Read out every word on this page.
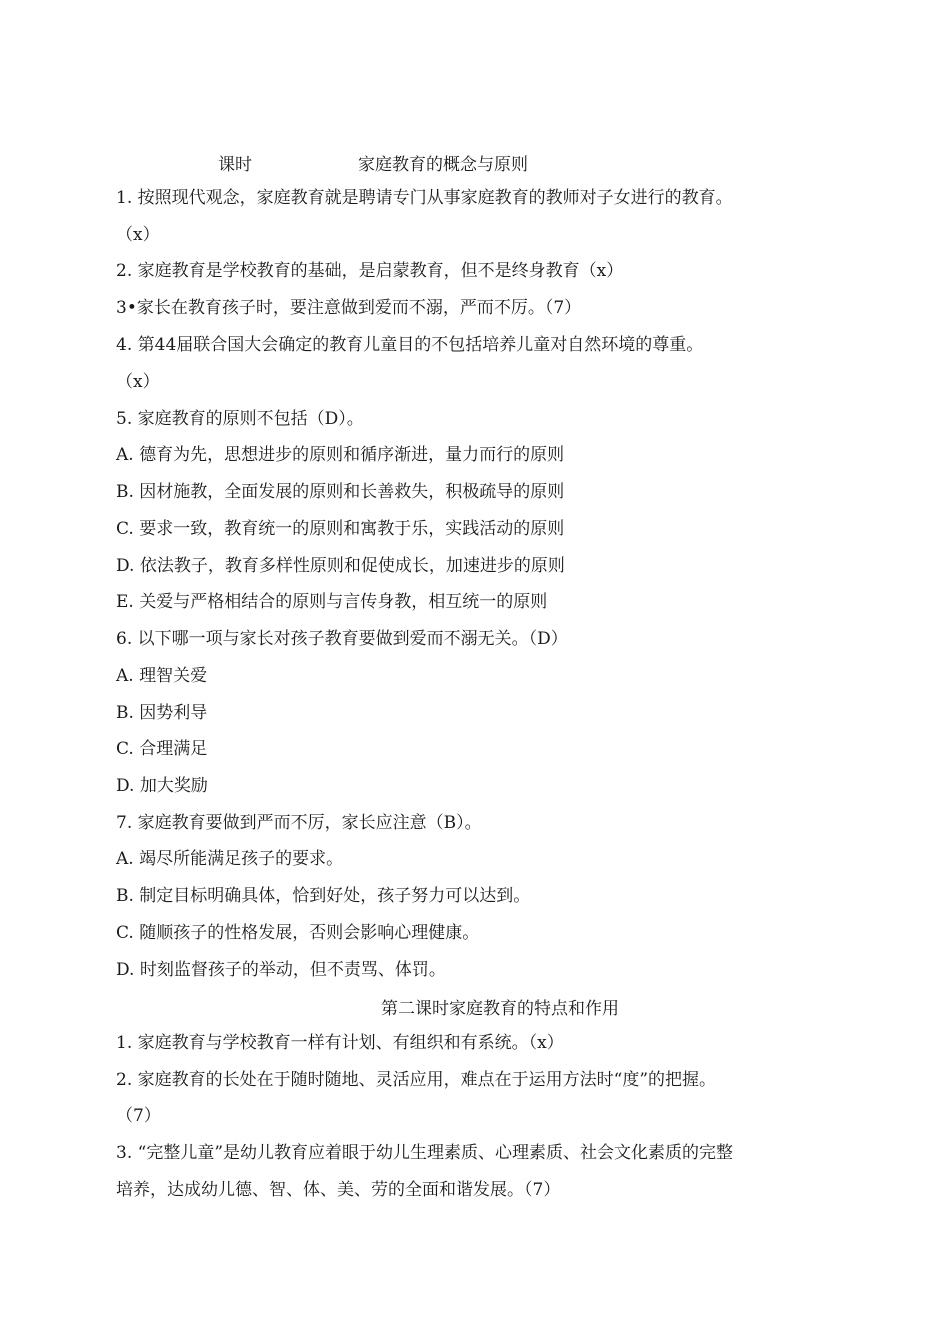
课时	家庭教育的概念与原则
1. 按照现代观念，家庭教育就是聘请专门从事家庭教育的教师对子女进行的教育。
（x）
2. 家庭教育是学校教育的基础，是启蒙教育，但不是终身教育（x）
3•家长在教育孩子时，要注意做到爱而不溺，严而不厉。（7）
4. 第44届联合国大会确定的教育儿童目的不包括培养儿童对自然环境的尊重。
（x）
5. 家庭教育的原则不包括（D）。
A. 德育为先，思想进步的原则和循序渐进，量力而行的原则
B. 因材施教，全面发展的原则和长善救失，积极疏导的原则
C. 要求一致，教育统一的原则和寓教于乐，实践活动的原则
D. 依法教子，教育多样性原则和促使成长，加速进步的原则
E. 关爱与严格相结合的原则与言传身教，相互统一的原则
6. 以下哪一项与家长对孩子教育要做到爱而不溺无关。（D）
A. 理智关爱
B. 因势利导
C. 合理满足
D. 加大奖励
7. 家庭教育要做到严而不厉，家长应注意（B）。
A. 竭尽所能满足孩子的要求。
B. 制定目标明确具体，恰到好处，孩子努力可以达到。
C. 随顺孩子的性格发展，否则会影响心理健康。
D. 时刻监督孩子的举动，但不责骂、体罚。
第二课时家庭教育的特点和作用
1. 家庭教育与学校教育一样有计划、有组织和有系统。（x）
2. 家庭教育的长处在于随时随地、灵活应用，难点在于运用方法时“度”的把握。
（7）
3. “完整儿童”是幼儿教育应着眼于幼儿生理素质、心理素质、社会文化素质的完整
培养，达成幼儿德、智、体、美、劳的全面和谐发展。（7）
